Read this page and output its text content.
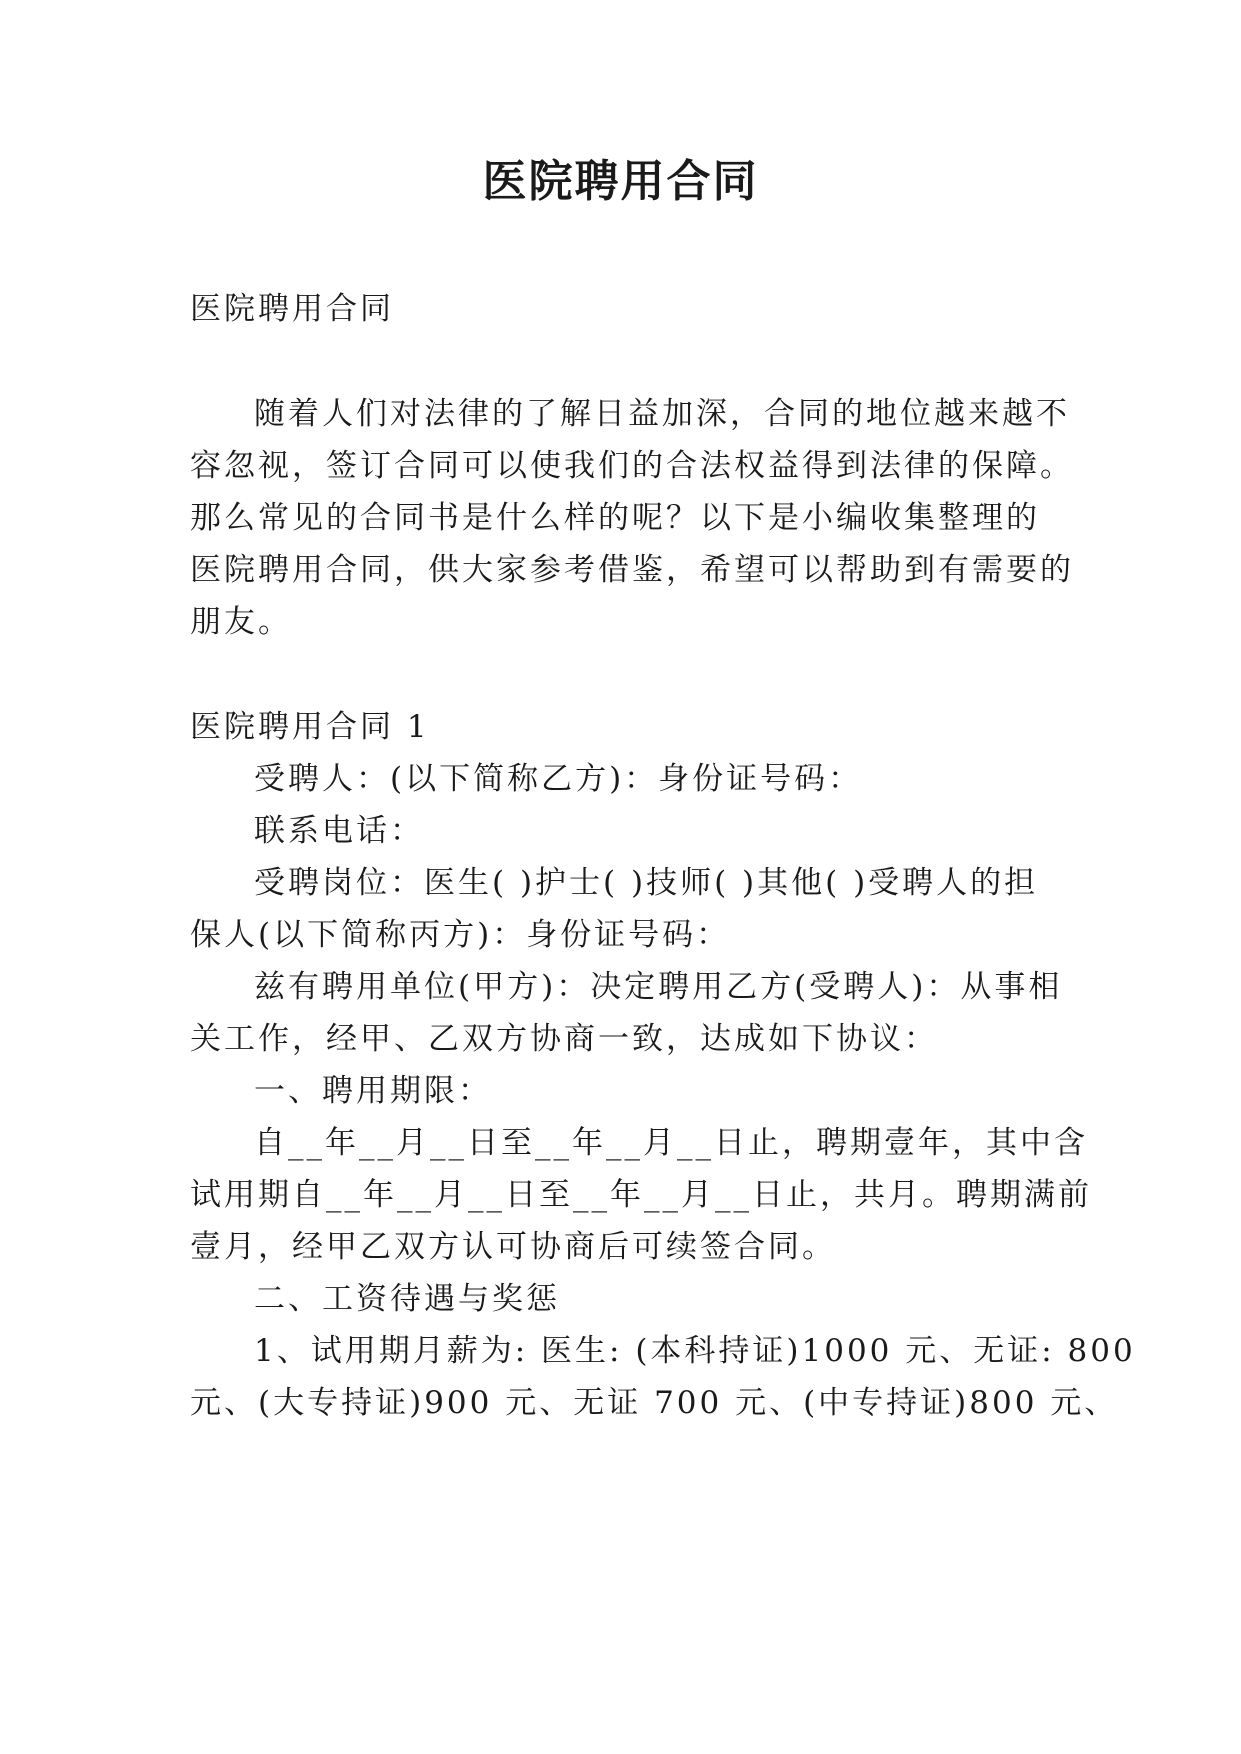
医院聘用合同

医院聘用合同

随着人们对法律的了解日益加深，合同的地位越来越不

容忽视，签订合同可以使我们的合法权益得到法律的保障。

那么常见的合同书是什么样的呢？以下是小编收集整理的

医院聘用合同，供大家参考借鉴，希望可以帮助到有需要的

朋友。

医院聘用合同 1

受聘人：(以下简称乙方)：身份证号码：

联系电话：

受聘岗位：医生( )护士( )技师( )其他( )受聘人的担

保人(以下简称丙方)：身份证号码：

兹有聘用单位(甲方)：决定聘用乙方(受聘人)：从事相

关工作，经甲、乙双方协商一致，达成如下协议：

一、聘用期限：

自__年__月__日至__年__月__日止，聘期壹年，其中含

试用期自__年__月__日至__年__月__日止，共月。聘期满前

壹月，经甲乙双方认可协商后可续签合同。

二、工资待遇与奖惩

1、试用期月薪为: 医生: (本科持证)1000 元、无证: 800

元、(大专持证)900 元、无证 700 元、(中专持证)800 元、
